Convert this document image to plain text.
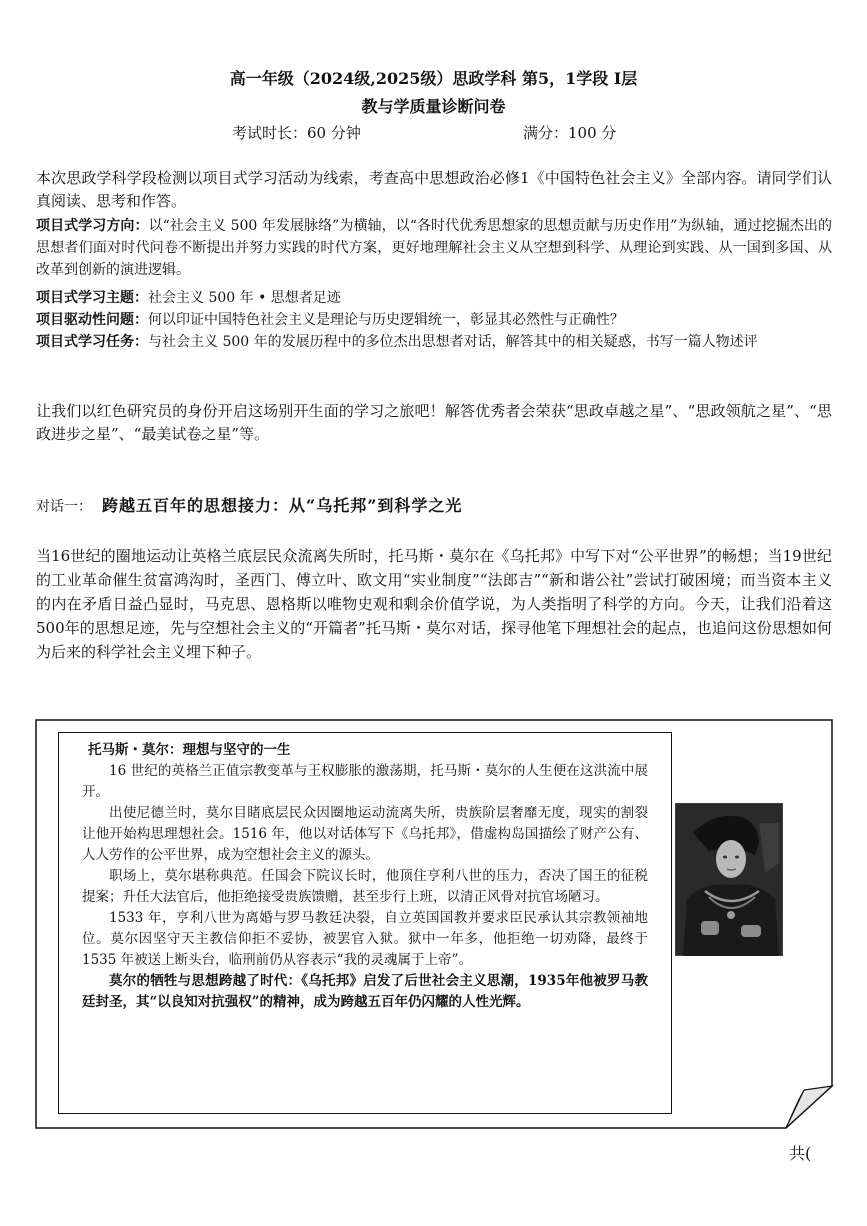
高一年级（2024级,2025级）思政学科 第5，1学段 I层
教与学质量诊断问卷
考试时长：60 分钟	满分：100 分
本次思政学科学段检测以项目式学习活动为线索，考查高中思想政治必修1《中国特色社会主义》全部内容。请同学们认真阅读、思考和作答。
项目式学习方向：以“社会主义 500 年发展脉络”为横轴，以“各时代优秀思想家的思想贡献与历史作用”为纵轴，通过挖掘杰出的思想者们面对时代问卷不断提出并努力实践的时代方案，更好地理解社会主义从空想到科学、从理论到实践、从一国到多国、从改革到创新的演进逻辑。
项目式学习主题：社会主义 500 年 • 思想者足迹
项目驱动性问题：何以印证中国特色社会主义是理论与历史逻辑统一，彰显其必然性与正确性？
项目式学习任务：与社会主义 500 年的发展历程中的多位杰出思想者对话，解答其中的相关疑惑，书写一篇人物述评
让我们以红色研究员的身份开启这场别开生面的学习之旅吧！解答优秀者会荣获“思政卓越之星”、“思政领航之星”、“思政进步之星”、“最美试卷之星”等。
对话一： 跨越五百年的思想接力：从“乌托邦”到科学之光
当16世纪的圈地运动让英格兰底层民众流离失所时，托马斯・莫尔在《乌托邦》中写下对“公平世界”的畅想；当19世纪的工业革命催生贫富鸿沟时，圣西门、傅立叶、欧文用“实业制度”“法郎吉”“新和谐公社”尝试打破困境；而当资本主义的内在矛盾日益凸显时，马克思、恩格斯以唯物史观和剩余价值学说，为人类指明了科学的方向。今天，让我们沿着这500年的思想足迹，先与空想社会主义的“开篇者”托马斯・莫尔对话，探寻他笔下理想社会的起点，也追问这份思想如何为后来的科学社会主义埋下种子。
托马斯・莫尔：理想与坚守的一生

16 世纪的英格兰正值宗教变革与王权膨胀的激荡期，托马斯・莫尔的人生便在这洪流中展开。

出使尼德兰时，莫尔目睹底层民众因圈地运动流离失所，贵族阶层奢靡无度，现实的割裂让他开始构思理想社会。1516 年，他以对话体写下《乌托邦》，借虚构岛国描绘了财产公有、人人劳作的公平世界，成为空想社会主义的源头。

职场上，莫尔堪称典范。任国会下院议长时，他顶住亨利八世的压力，否决了国王的征税提案；升任大法官后，他拒绝接受贵族馈赠，甚至步行上班，以清正风骨对抗官场陋习。

1533 年，亨利八世为离婚与罗马教廷决裂，自立英国国教并要求臣民承认其宗教领袖地位。莫尔因坚守天主教信仰拒不妥协，被罢官入狱。狱中一年多，他拒绝一切劝降，最终于1535 年被送上断头台，临刑前仍从容表示“我的灵魂属于上帝”。

莫尔的牺牲与思想跨越了时代：《乌托邦》启发了后世社会主义思潮，1935年他被罗马教廷封圣，其“以良知对抗强权”的精神，成为跨越五百年仍闪耀的人性光辉。

共(
